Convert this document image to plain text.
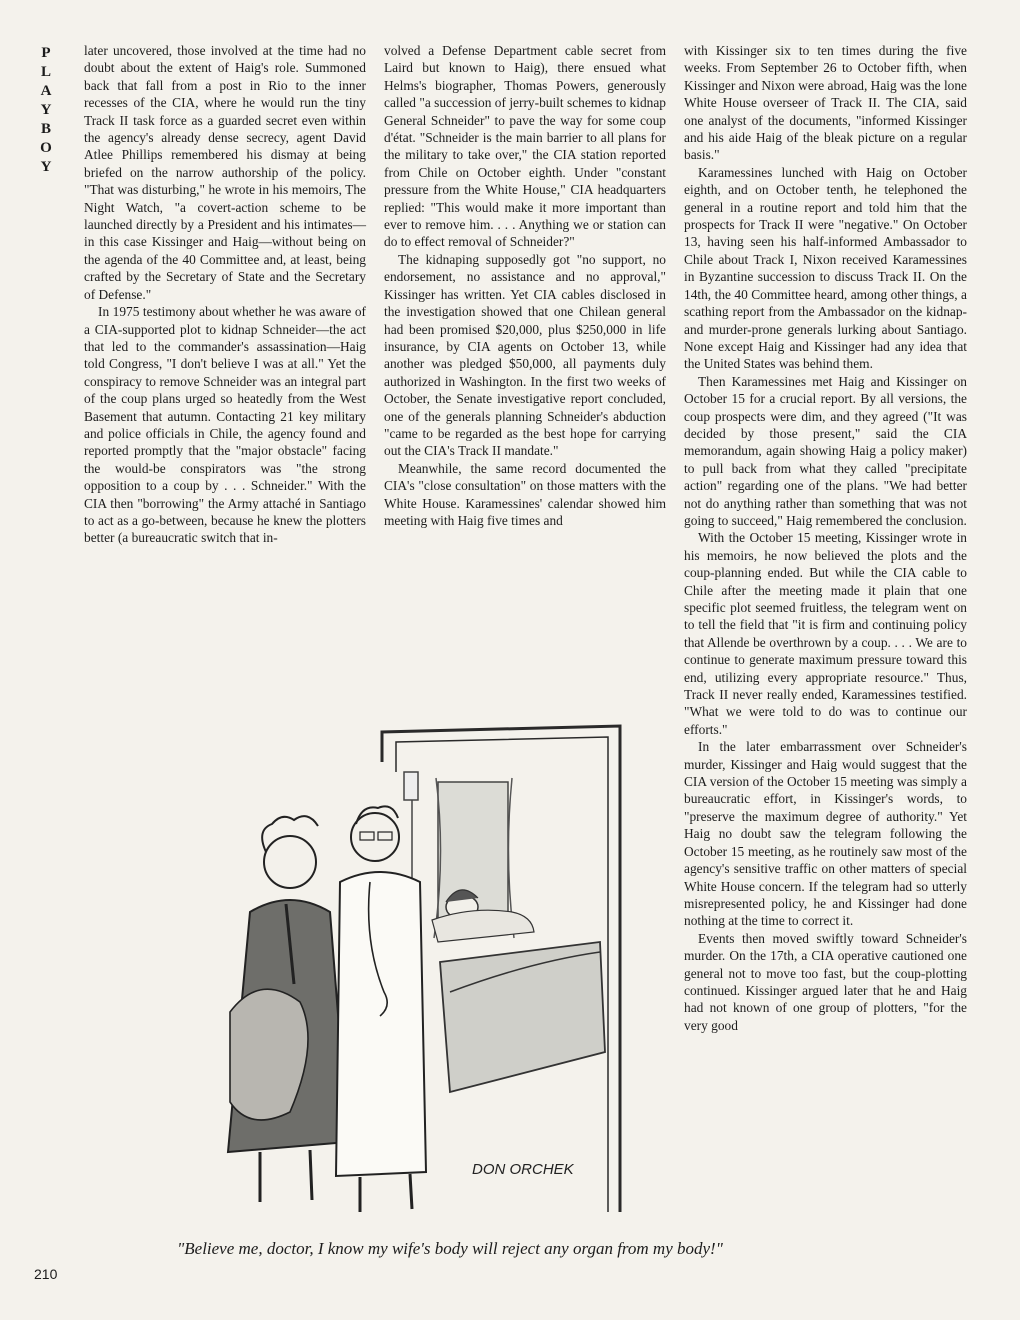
P
L
A
Y
B
O
Y

later uncovered, those involved at the time had no doubt about the extent of Haig's role. Summoned back that fall from a post in Rio to the inner recesses of the CIA, where he would run the tiny Track II task force as a guarded secret even within the agency's already dense secrecy, agent David Atlee Phillips remembered his dismay at being briefed on the narrow authorship of the policy. "That was disturbing," he wrote in his memoirs, The Night Watch, "a covert-action scheme to be launched directly by a President and his intimates—in this case Kissinger and Haig—without being on the agenda of the 40 Committee and, at least, being crafted by the Secretary of State and the Secretary of Defense."

In 1975 testimony about whether he was aware of a CIA-supported plot to kidnap Schneider—the act that led to the commander's assassination—Haig told Congress, "I don't believe I was at all." Yet the conspiracy to remove Schneider was an integral part of the coup plans urged so heatedly from the West Basement that autumn. Contacting 21 key military and police officials in Chile, the agency found and reported promptly that the "major obstacle" facing the would-be conspirators was "the strong opposition to a coup by . . . Schneider." With the CIA then "borrowing" the Army attaché in Santiago to act as a go-between, because he knew the plotters better (a bureaucratic switch that in-

volved a Defense Department cable secret from Laird but known to Haig), there ensued what Helms's biographer, Thomas Powers, generously called "a succession of jerry-built schemes to kidnap General Schneider" to pave the way for some coup d'état. "Schneider is the main barrier to all plans for the military to take over," the CIA station reported from Chile on October eighth. Under "constant pressure from the White House," CIA headquarters replied: "This would make it more important than ever to remove him. . . . Anything we or station can do to effect removal of Schneider?"

The kidnaping supposedly got "no support, no endorsement, no assistance and no approval," Kissinger has written. Yet CIA cables disclosed in the investigation showed that one Chilean general had been promised $20,000, plus $250,000 in life insurance, by CIA agents on October 13, while another was pledged $50,000, all payments duly authorized in Washington. In the first two weeks of October, the Senate investigative report concluded, one of the generals planning Schneider's abduction "came to be regarded as the best hope for carrying out the CIA's Track II mandate."

Meanwhile, the same record documented the CIA's "close consultation" on those matters with the White House. Karamessines' calendar showed him meeting with Haig five times and

with Kissinger six to ten times during the five weeks. From September 26 to October fifth, when Kissinger and Nixon were abroad, Haig was the lone White House overseer of Track II. The CIA, said one analyst of the documents, "informed Kissinger and his aide Haig of the bleak picture on a regular basis."

Karamessines lunched with Haig on October eighth, and on October tenth, he telephoned the general in a routine report and told him that the prospects for Track II were "negative." On October 13, having seen his half-informed Ambassador to Chile about Track I, Nixon received Karamessines in Byzantine succession to discuss Track II. On the 14th, the 40 Committee heard, among other things, a scathing report from the Ambassador on the kidnap- and murder-prone generals lurking about Santiago. None except Haig and Kissinger had any idea that the United States was behind them.

Then Karamessines met Haig and Kissinger on October 15 for a crucial report. By all versions, the coup prospects were dim, and they agreed ("It was decided by those present," said the CIA memorandum, again showing Haig a policy maker) to pull back from what they called "precipitate action" regarding one of the plans. "We had better not do anything rather than something that was not going to succeed," Haig remembered the conclusion.

With the October 15 meeting, Kissinger wrote in his memoirs, he now believed the plots and the coup-planning ended. But while the CIA cable to Chile after the meeting made it plain that one specific plot seemed fruitless, the telegram went on to tell the field that "it is firm and continuing policy that Allende be overthrown by a coup. . . . We are to continue to generate maximum pressure toward this end, utilizing every appropriate resource." Thus, Track II never really ended, Karamessines testified. "What we were told to do was to continue our efforts."

In the later embarrassment over Schneider's murder, Kissinger and Haig would suggest that the CIA version of the October 15 meeting was simply a bureaucratic effort, in Kissinger's words, to "preserve the maximum degree of authority." Yet Haig no doubt saw the telegram following the October 15 meeting, as he routinely saw most of the agency's sensitive traffic on other matters of special White House concern. If the telegram had so utterly misrepresented policy, he and Kissinger had done nothing at the time to correct it.

Events then moved swiftly toward Schneider's murder. On the 17th, a CIA operative cautioned one general not to move too fast, but the coup-plotting continued. Kissinger argued later that he and Haig had not known of one group of plotters, "for the very good

DON ORCHEK
"Believe me, doctor, I know my wife's body will reject any organ from my body!"
210
